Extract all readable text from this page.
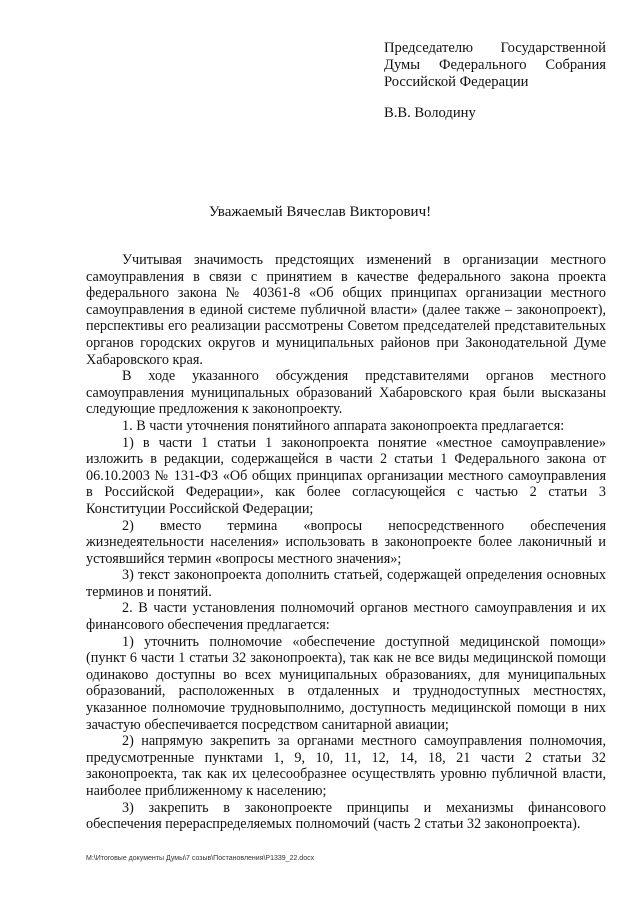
Председателю Государственной
Думы Федерального Собрания
Российской Федерации
В.В. Володину
Уважаемый Вячеслав Викторович!

Учитывая значимость предстоящих изменений в организации местного самоуправления в связи с принятием в качестве федерального закона проекта федерального закона № 40361-8 «Об общих принципах организации местного самоуправления в единой системе публичной власти» (далее также – законопроект), перспективы его реализации рассмотрены Советом председателей представительных органов городских округов и муниципальных районов при Законодательной Думе Хабаровского края.

В ходе указанного обсуждения представителями органов местного самоуправления муниципальных образований Хабаровского края были высказаны следующие предложения к законопроекту.

1. В части уточнения понятийного аппарата законопроекта предлагается:

1) в части 1 статьи 1 законопроекта понятие «местное самоуправление» изложить в редакции, содержащейся в части 2 статьи 1 Федерального закона от 06.10.2003 № 131-ФЗ «Об общих принципах организации местного самоуправления в Российской Федерации», как более согласующейся с частью 2 статьи 3 Конституции Российской Федерации;

2) вместо термина «вопросы непосредственного обеспечения жизнедеятельности населения» использовать в законопроекте более лаконичный и устоявшийся термин «вопросы местного значения»;

3) текст законопроекта дополнить статьей, содержащей определения основных терминов и понятий.

2. В части установления полномочий органов местного самоуправления и их финансового обеспечения предлагается:

1) уточнить полномочие «обеспечение доступной медицинской помощи» (пункт 6 части 1 статьи 32 законопроекта), так как не все виды медицинской помощи одинаково доступны во всех муниципальных образованиях, для муниципальных образований, расположенных в отдаленных и труднодоступных местностях, указанное полномочие трудновыполнимо, доступность медицинской помощи в них зачастую обеспечивается посредством санитарной авиации;

2) напрямую закрепить за органами местного самоуправления полномочия, предусмотренные пунктами 1, 9, 10, 11, 12, 14, 18, 21 части 2 статьи 32 законопроекта, так как их целесообразнее осуществлять уровню публичной власти, наиболее приближенному к населению;

3) закрепить в законопроекте принципы и механизмы финансового обеспечения перераспределяемых полномочий (часть 2 статьи 32 законопроекта).

M:\Итоговые документы Думы\7 созыв\Постановления\P1339_22.docx
